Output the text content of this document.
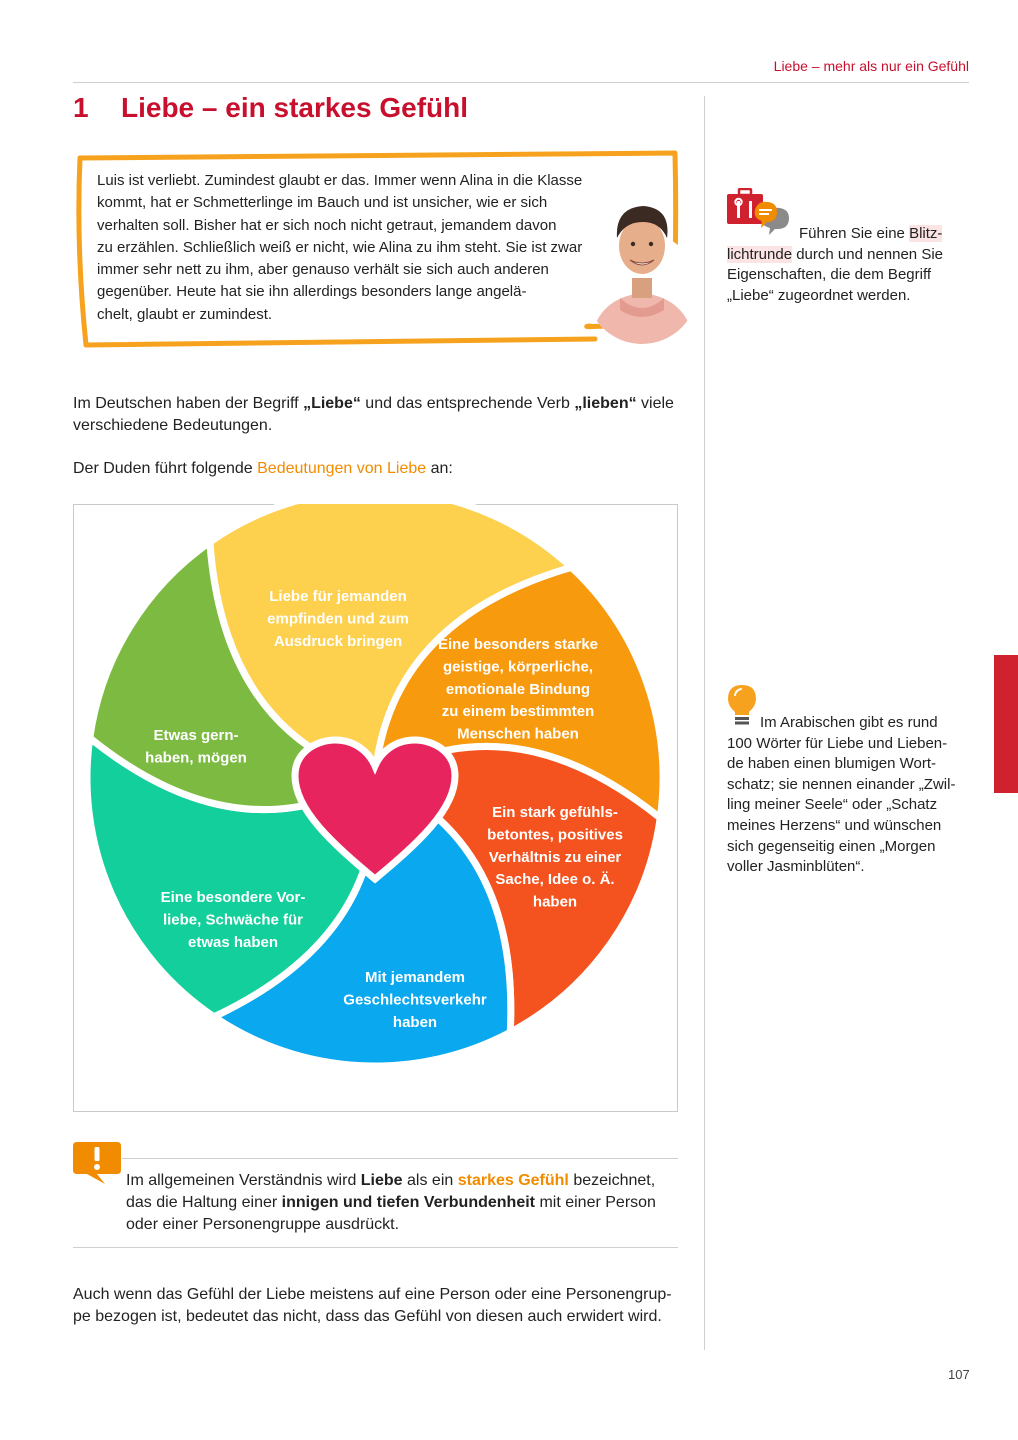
Liebe – mehr als nur ein Gefühl
1 Liebe – ein starkes Gefühl

Luis ist verliebt. Zumindest glaubt er das. Immer wenn Alina in die Klasse

kommt, hat er Schmetterlinge im Bauch und ist unsicher, wie er sich

verhalten soll. Bisher hat er sich noch nicht getraut, jemandem davon

zu erzählen. Schließlich weiß er nicht, wie Alina zu ihm steht. Sie ist zwar

immer sehr nett zu ihm, aber genauso verhält sie sich auch anderen

gegenüber. Heute hat sie ihn allerdings besonders lange angelä-

chelt, glaubt er zumindest.

Im Deutschen haben der Begriff „Liebe“ und das entsprechende Verb „lieben“ viele
verschiedene Bedeutungen.
Der Duden führt folgende Bedeutungen von Liebe an:
Liebe für jemanden empfinden und zum Ausdruck bringen	Eine besonders starke geistige, körperliche, emotionale Bindung zu einem bestimmten Menschen haben
Ein stark gefühls-betontes, positives Verhältnis zu einer Sache, Idee o. Ä. haben
Mit jemandem Geschlechtsverkehr haben
Eine besondere Vor-liebe, Schwäche für etwas haben
Etwas gern-haben, mögen
Im allgemeinen Verständnis wird Liebe als ein starkes Gefühl bezeichnet,
das die Haltung einer innigen und tiefen Verbundenheit mit einer Person
oder einer Personengruppe ausdrückt.
Auch wenn das Gefühl der Liebe meistens auf eine Person oder eine Personengrup-
pe bezogen ist, bedeutet das nicht, dass das Gefühl von diesen auch erwidert wird.
Führen Sie eine Blitz-
lichtrunde durch und nennen Sie
Eigenschaften, die dem Begriff
„Liebe“ zugeordnet werden.
Im Arabischen gibt es rund
100 Wörter für Liebe und Lieben-
de haben einen blumigen Wort-
schatz; sie nennen einander „Zwil-
ling meiner Seele“ oder „Schatz
meines Herzens“ und wünschen
sich gegenseitig einen „Morgen
voller Jasminblüten“.
107
